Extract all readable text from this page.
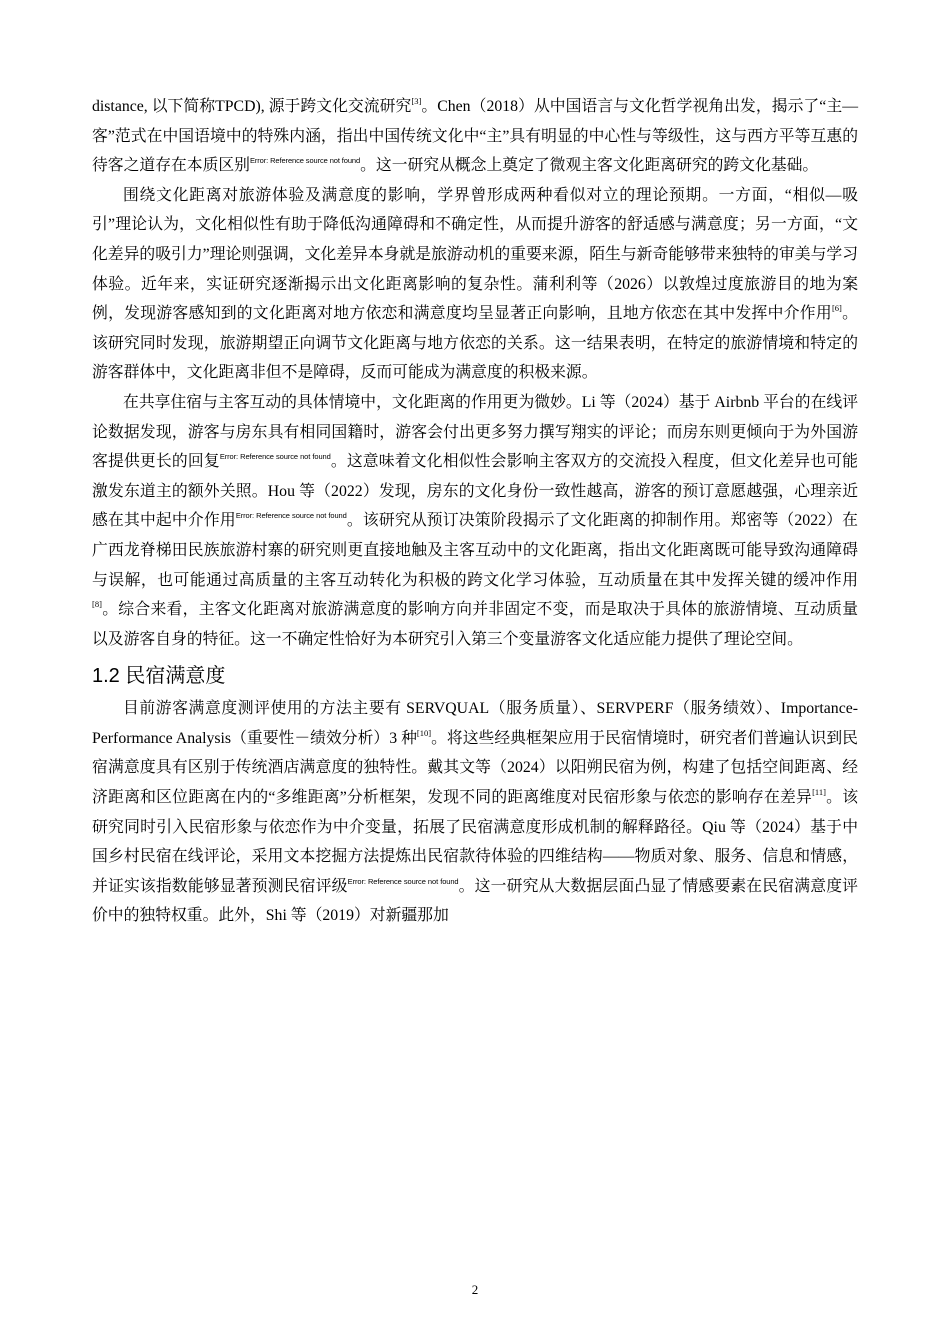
distance, 以下简称TPCD), 源于跨文化交流研究[3]。Chen（2018）从中国语言与文化哲学视角出发，揭示了“主—客”范式在中国语境中的特殊内涵，指出中国传统文化中“主”具有明显的中心性与等级性，这与西方平等互惠的待客之道存在本质区别$^{Error: Reference source not found}$。这一研究从概念上奠定了微观主客文化距离研究的跨文化基础。

围绕文化距离对旅游体验及满意度的影响，学界曾形成两种看似对立的理论预期。一方面，“相似—吸引”理论认为，文化相似性有助于降低沟通障碍和不确定性，从而提升游客的舒适感与满意度；另一方面，“文化差异的吸引力”理论则强调，文化差异本身就是旅游动机的重要来源，陌生与新奇能够带来独特的审美与学习体验。近年来，实证研究逐渐揭示出文化距离影响的复杂性。蒲利利等（2026）以敦煌过度旅游目的地为案例，发现游客感知到的文化距离对地方依恋和满意度均呈显著正向影响，且地方依恋在其中发挥中介作用[6]。该研究同时发现，旅游期望正向调节文化距离与地方依恋的关系。这一结果表明，在特定的旅游情境和特定的游客群体中，文化距离非但不是障碍，反而可能成为满意度的积极来源。

在共享住宿与主客互动的具体情境中，文化距离的作用更为微妙。Li 等（2024）基于 Airbnb 平台的在线评论数据发现，游客与房东具有相同国籍时，游客会付出更多努力撰写翔实的评论；而房东则更倾向于为外国游客提供更长的回复$^{Error: Reference source not found}$。这意味着文化相似性会影响主客双方的交流投入程度，但文化差异也可能激发东道主的额外关照。Hou 等（2022）发现，房东的文化身份一致性越高，游客的预订意愿越强，心理亲近感在其中起中介作用$^{Error: Reference source not found}$。该研究从预订决策阶段揭示了文化距离的抑制作用。郑密等（2022）在广西龙脊梯田民族旅游村寨的研究则更直接地触及主客互动中的文化距离，指出文化距离既可能导致沟通障碍与误解，也可能通过高质量的主客互动转化为积极的跨文化学习体验，互动质量在其中发挥关键的缓冲作用[8]。综合来看，主客文化距离对旅游满意度的影响方向并非固定不变，而是取决于具体的旅游情境、互动质量以及游客自身的特征。这一不确定性恰好为本研究引入第三个变量游客文化适应能力提供了理论空间。

1.2 民宿满意度

目前游客满意度测评使用的方法主要有 SERVQUAL（服务质量）、SERVPERF（服务绩效）、Importance-Performance Analysis（重要性－绩效分析）3 种[10]。将这些经典框架应用于民宿情境时，研究者们普遍认识到民宿满意度具有区别于传统酒店满意度的独特性。戴其文等（2024）以阳朔民宿为例，构建了包括空间距离、经济距离和区位距离在内的“多维距离”分析框架，发现不同的距离维度对民宿形象与依恋的影响存在差异[11]。该研究同时引入民宿形象与依恋作为中介变量，拓展了民宿满意度形成机制的解释路径。Qiu 等（2024）基于中国乡村民宿在线评论，采用文本挖掘方法提炼出民宿款待体验的四维结构——物质对象、服务、信息和情感，并证实该指数能够显著预测民宿评级$^{Error: Reference source not found}$。这一研究从大数据层面凸显了情感要素在民宿满意度评价中的独特权重。此外，Shi 等（2019）对新疆那加

2
